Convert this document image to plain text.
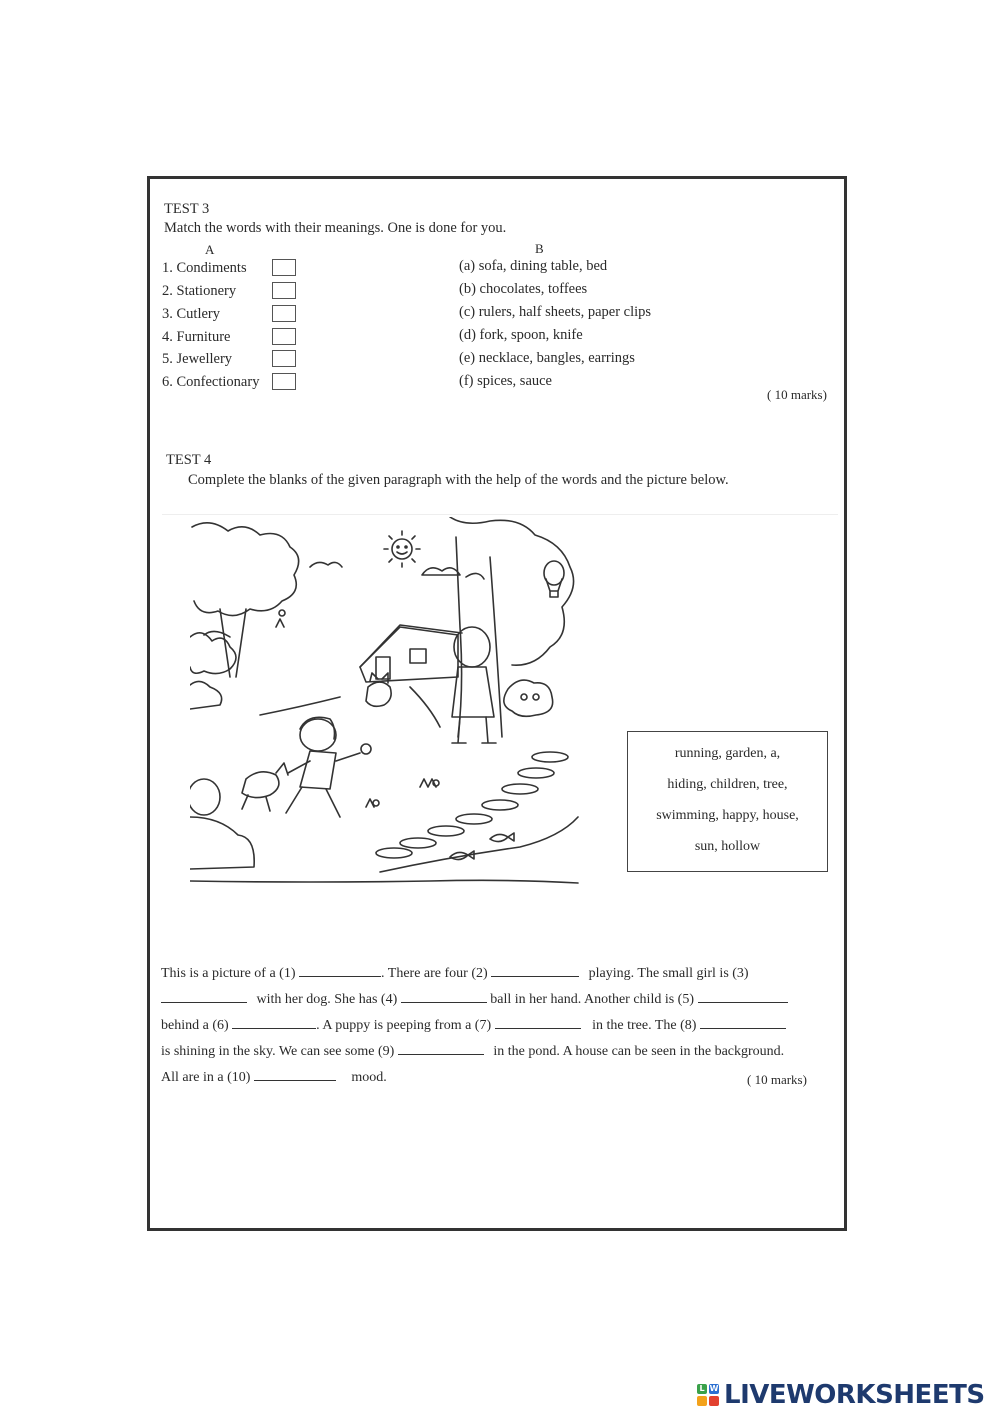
TEST 3
Match the words with their meanings. One is done for you.
A	B
1. Condiments
2. Stationery
3. Cutlery
4. Furniture
5. Jewellery
6. Confectionary
(a) sofa, dining table, bed
(b) chocolates, toffees
(c) rulers, half sheets, paper clips
(d) fork, spoon, knife
(e) necklace, bangles, earrings
(f) spices, sauce
( 10 marks)
TEST 4
Complete the blanks of the given paragraph with the help of the words and the picture below.
running, garden, a,
hiding, children, tree,
swimming, happy, house,
sun, hollow
This is a picture of a (1)	. There are four (2)	playing. The small girl is (3)
with her dog. She has (4)	ball in her hand. Another child is (5)
behind a (6)	. A puppy is peeping from a (7)	in the tree. The (8)
is shining in the sky. We can see some (9)	in the pond. A house can be seen in the background.
All are in a (10)	mood.	( 10 marks)
L W LIVEWORKSHEETS
